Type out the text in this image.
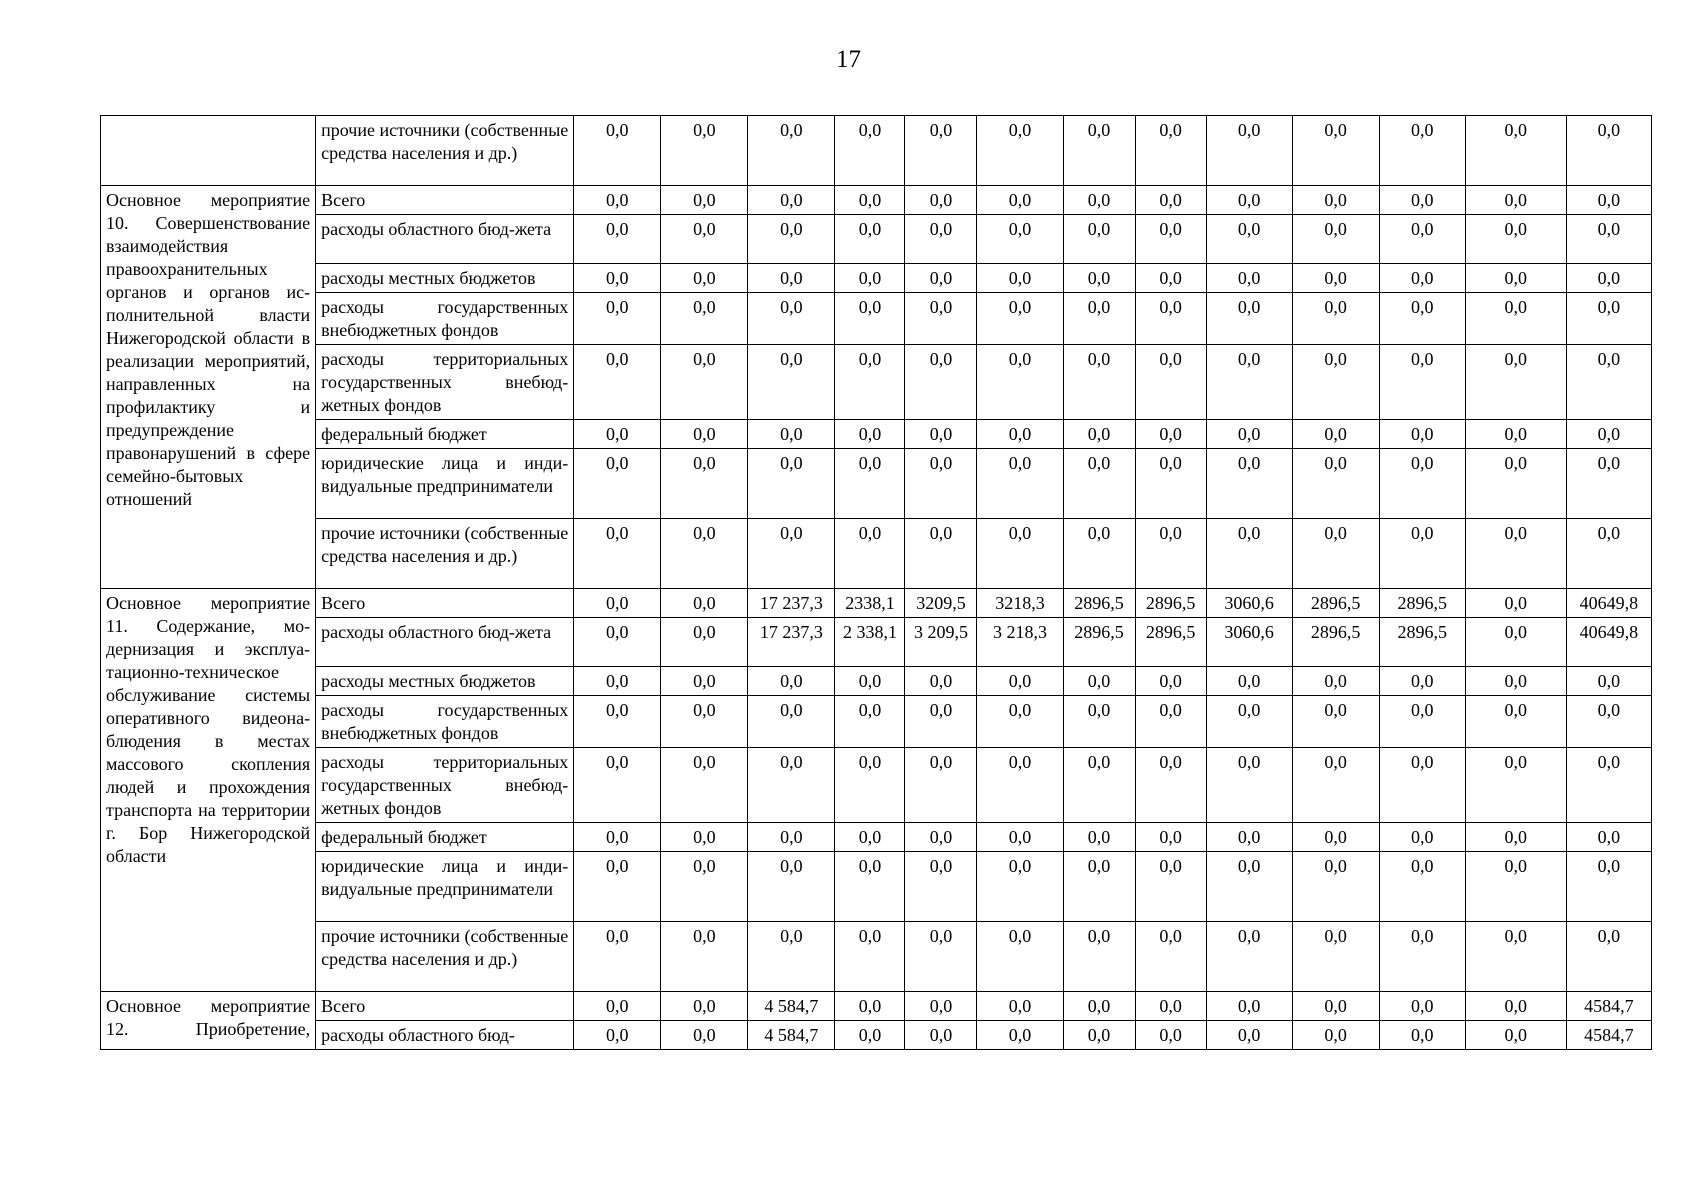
17
	прочие источники (собственные средства населения и др.)	0,0	0,0	0,0	0,0	0,0	0,0	0,0	0,0	0,0	0,0	0,0	0,0	0,0
Основное мероприятие 10. Совершенствование взаимодействия правоохранительных органов и органов исполнительной власти Нижегородской области в реализации мероприятий, направленных на профилактику и предупреждение правонарушений в сфере семейно-бытовых отношений	Всего	0,0	0,0	0,0	0,0	0,0	0,0	0,0	0,0	0,0	0,0	0,0	0,0	0,0
	расходы областного бюд-жета	0,0	0,0	0,0	0,0	0,0	0,0	0,0	0,0	0,0	0,0	0,0	0,0	0,0
	расходы местных бюджетов	0,0	0,0	0,0	0,0	0,0	0,0	0,0	0,0	0,0	0,0	0,0	0,0	0,0
	расходы государственных внебюджетных фондов	0,0	0,0	0,0	0,0	0,0	0,0	0,0	0,0	0,0	0,0	0,0	0,0	0,0
	расходы территориальных государственных внебюджетных фондов	0,0	0,0	0,0	0,0	0,0	0,0	0,0	0,0	0,0	0,0	0,0	0,0	0,0
	федеральный бюджет	0,0	0,0	0,0	0,0	0,0	0,0	0,0	0,0	0,0	0,0	0,0	0,0	0,0
	юридические лица и индивидуальные предприниматели	0,0	0,0	0,0	0,0	0,0	0,0	0,0	0,0	0,0	0,0	0,0	0,0	0,0
	прочие источники (собственные средства населения и др.)	0,0	0,0	0,0	0,0	0,0	0,0	0,0	0,0	0,0	0,0	0,0	0,0	0,0
Основное мероприятие 11. Содержание, модернизация и эксплуатационно-техническое обслуживание системы оперативного видеонаблюдения в местах массового скопления людей и прохождения транспорта на территории г. Бор Нижегородской области	Всего	0,0	0,0	17 237,3	2338,1	3209,5	3218,3	2896,5	2896,5	3060,6	2896,5	2896,5	0,0	40649,8
	расходы областного бюд-жета	0,0	0,0	17 237,3	2 338,1	3 209,5	3 218,3	2896,5	2896,5	3060,6	2896,5	2896,5	0,0	40649,8
	расходы местных бюджетов	0,0	0,0	0,0	0,0	0,0	0,0	0,0	0,0	0,0	0,0	0,0	0,0	0,0
	расходы государственных внебюджетных фондов	0,0	0,0	0,0	0,0	0,0	0,0	0,0	0,0	0,0	0,0	0,0	0,0	0,0
	расходы территориальных государственных внебюджетных фондов	0,0	0,0	0,0	0,0	0,0	0,0	0,0	0,0	0,0	0,0	0,0	0,0	0,0
	федеральный бюджет	0,0	0,0	0,0	0,0	0,0	0,0	0,0	0,0	0,0	0,0	0,0	0,0	0,0
	юридические лица и индивидуальные предприниматели	0,0	0,0	0,0	0,0	0,0	0,0	0,0	0,0	0,0	0,0	0,0	0,0	0,0
	прочие источники (собственные средства населения и др.)	0,0	0,0	0,0	0,0	0,0	0,0	0,0	0,0	0,0	0,0	0,0	0,0	0,0
Основное мероприятие 12. Приобретение,	Всего	0,0	0,0	4 584,7	0,0	0,0	0,0	0,0	0,0	0,0	0,0	0,0	0,0	4584,7
	расходы областного бюд-	0,0	0,0	4 584,7	0,0	0,0	0,0	0,0	0,0	0,0	0,0	0,0	0,0	4584,7
